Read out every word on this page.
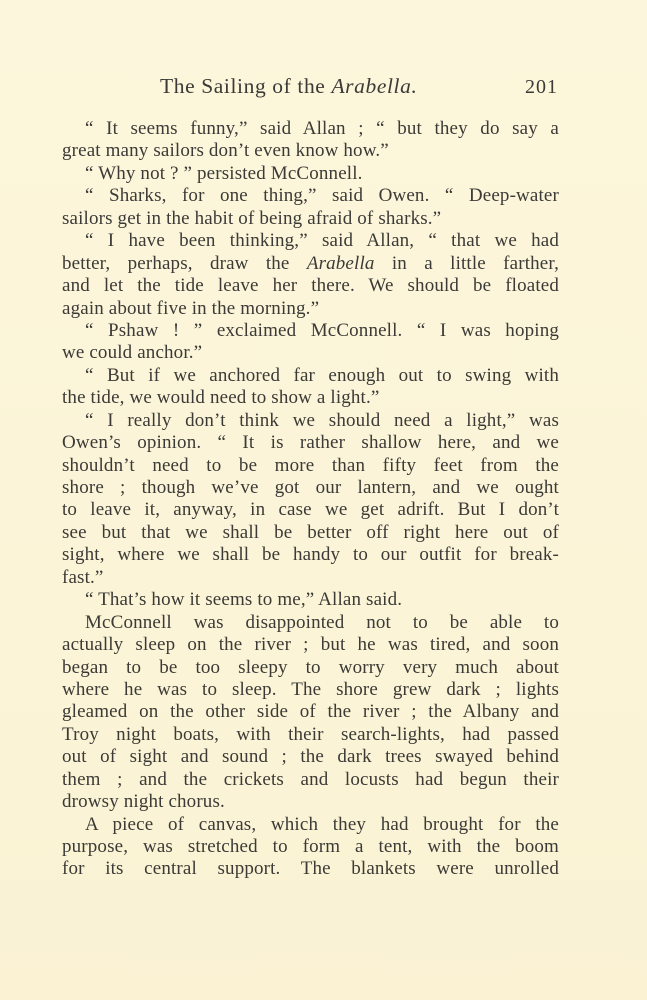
The Sailing of the Arabella.	201
“ It seems funny,” said Allan ; “ but they do say a
great many sailors don’t even know how.”
“ Why not ? ” persisted McConnell.
“ Sharks, for one thing,” said Owen. “ Deep-water
sailors get in the habit of being afraid of sharks.”
“ I have been thinking,” said Allan, “ that we had
better, perhaps, draw the Arabella in a little farther,
and let the tide leave her there. We should be floated
again about five in the morning.”
“ Pshaw ! ” exclaimed McConnell. “ I was hoping
we could anchor.”
“ But if we anchored far enough out to swing with
the tide, we would need to show a light.”
“ I really don’t think we should need a light,” was
Owen’s opinion. “ It is rather shallow here, and we
shouldn’t need to be more than fifty feet from the
shore ; though we’ve got our lantern, and we ought
to leave it, anyway, in case we get adrift. But I don’t
see but that we shall be better off right here out of
sight, where we shall be handy to our outfit for break-
fast.”
“ That’s how it seems to me,” Allan said.
McConnell was disappointed not to be able to
actually sleep on the river ; but he was tired, and soon
began to be too sleepy to worry very much about
where he was to sleep. The shore grew dark ; lights
gleamed on the other side of the river ; the Albany and
Troy night boats, with their search-lights, had passed
out of sight and sound ; the dark trees swayed behind
them ; and the crickets and locusts had begun their
drowsy night chorus.
A piece of canvas, which they had brought for the
purpose, was stretched to form a tent, with the boom
for its central support. The blankets were unrolled
